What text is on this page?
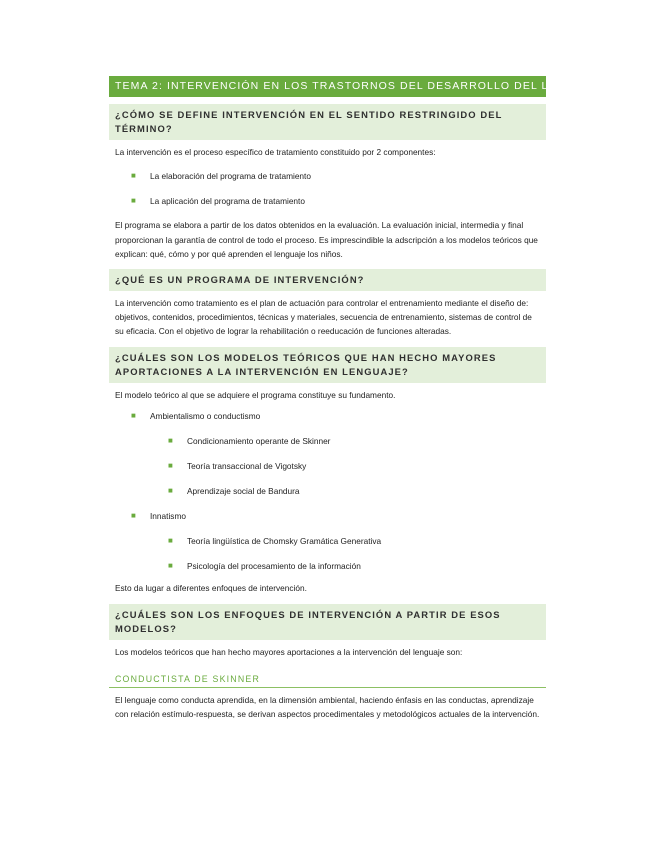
TEMA 2: INTERVENCIÓN EN LOS TRASTORNOS DEL DESARROLLO DEL LENGUAJE
¿CÓMO SE DEFINE INTERVENCIÓN EN EL SENTIDO RESTRINGIDO DEL TÉRMINO?

La intervención es el proceso específico de tratamiento constituido por 2 componentes:

■ La elaboración del programa de tratamiento
■ La aplicación del programa de tratamiento

El programa se elabora a partir de los datos obtenidos en la evaluación. La evaluación inicial, intermedia y final proporcionan la garantía de control de todo el proceso. Es imprescindible la adscripción a los modelos teóricos que explican: qué, cómo y por qué aprenden el lenguaje los niños.

¿QUÉ ES UN PROGRAMA DE INTERVENCIÓN?

La intervención como tratamiento es el plan de actuación para controlar el entrenamiento mediante el diseño de: objetivos, contenidos, procedimientos, técnicas y materiales, secuencia de entrenamiento, sistemas de control de su eficacia. Con el objetivo de lograr la rehabilitación o reeducación de funciones alteradas.

¿CUÁLES SON LOS MODELOS TEÓRICOS QUE HAN HECHO MAYORES APORTACIONES A LA INTERVENCIÓN EN LENGUAJE?

El modelo teórico al que se adquiere el programa constituye su fundamento.

■ Ambientalismo o conductismo
■ Condicionamiento operante de Skinner
■ Teoría transaccional de Vigotsky
■ Aprendizaje social de Bandura
■ Innatismo
■ Teoría lingüística de Chomsky Gramática Generativa
■ Psicología del procesamiento de la información

Esto da lugar a diferentes enfoques de intervención.

¿CUÁLES SON LOS ENFOQUES DE INTERVENCIÓN A PARTIR DE ESOS MODELOS?

Los modelos teóricos que han hecho mayores aportaciones a la intervención del lenguaje son:

CONDUCTISTA DE SKINNER

El lenguaje como conducta aprendida, en la dimensión ambiental, haciendo énfasis en las conductas, aprendizaje con relación estímulo-respuesta, se derivan aspectos procedimentales y metodológicos actuales de la intervención.
